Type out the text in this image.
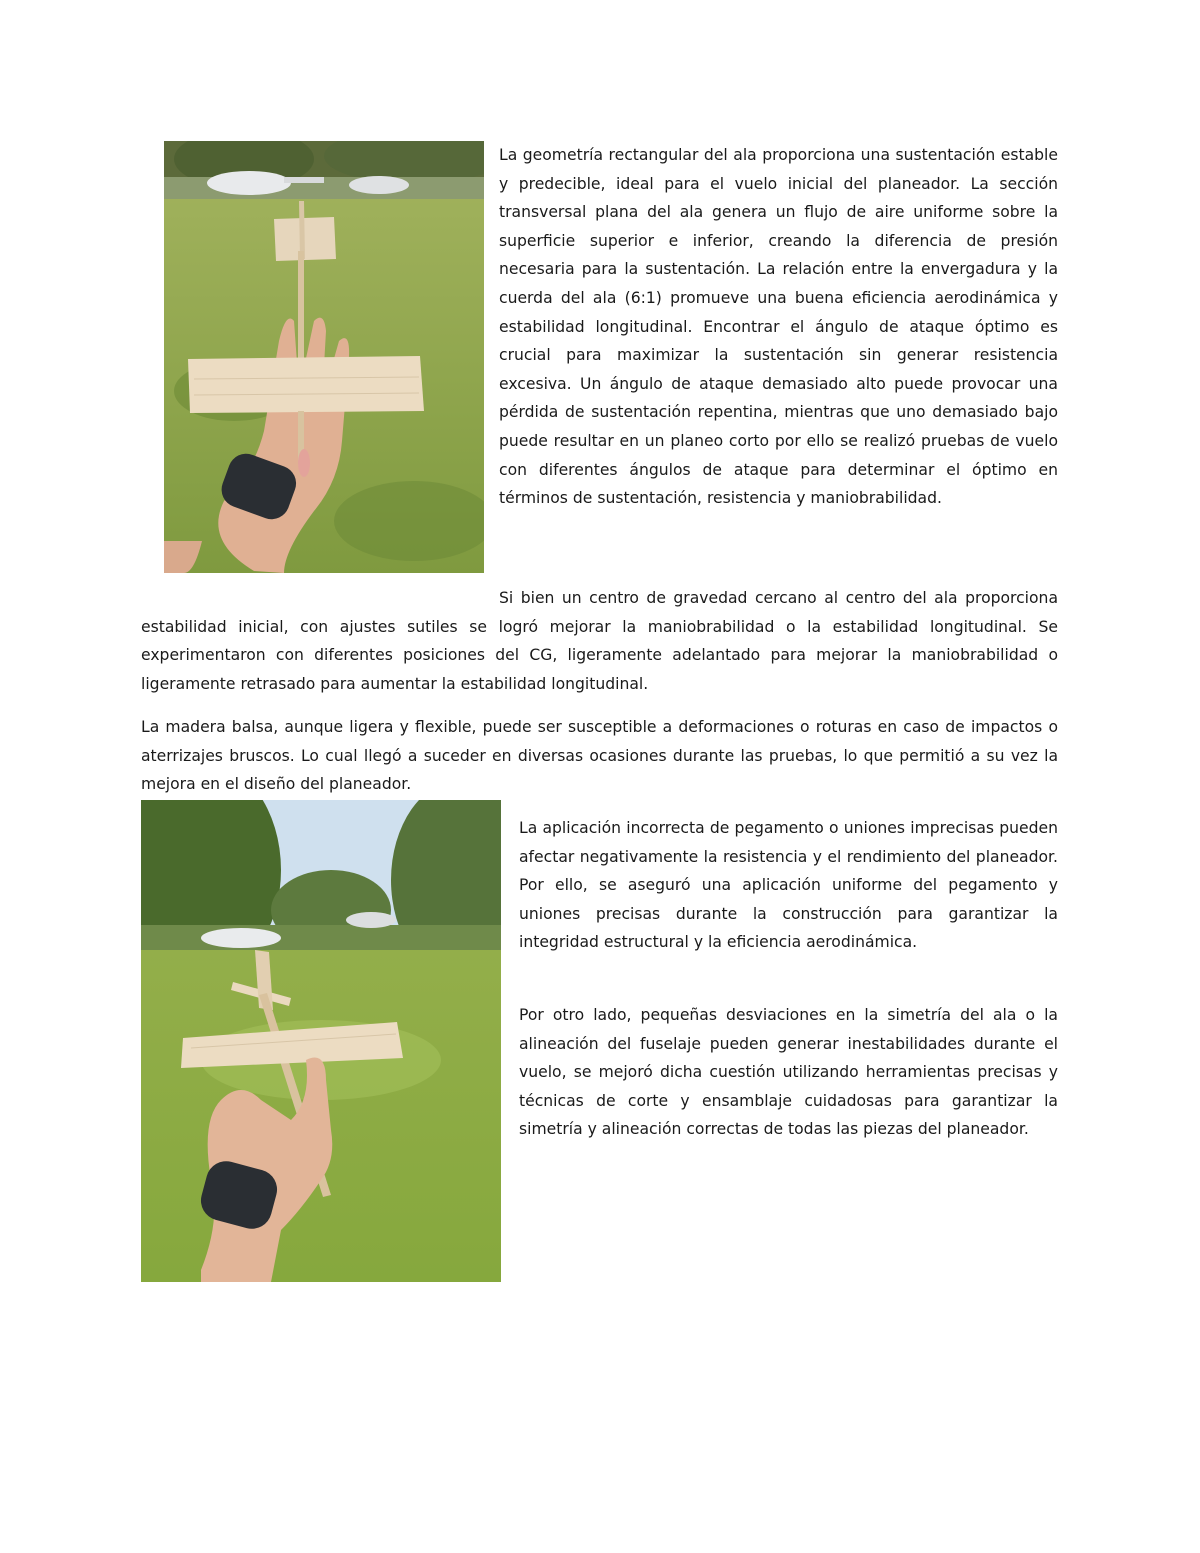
La geometría rectangular del ala proporciona una sustentación estable y predecible, ideal para el vuelo inicial del planeador. La sección transversal plana del ala genera un flujo de aire uniforme sobre la superficie superior e inferior, creando la diferencia de presión necesaria para la sustentación. La relación entre la envergadura y la cuerda del ala (6:1) promueve una buena eficiencia aerodinámica y estabilidad longitudinal. Encontrar el ángulo de ataque óptimo es crucial para maximizar la sustentación sin generar resistencia excesiva. Un ángulo de ataque demasiado alto puede provocar una pérdida de sustentación repentina, mientras que uno demasiado bajo puede resultar en un planeo corto por ello se realizó pruebas de vuelo con diferentes ángulos de ataque para determinar el óptimo en términos de sustentación, resistencia y maniobrabilidad.

Si bien un centro de gravedad cercano al centro del ala proporciona estabilidad inicial, con ajustes sutiles se logró mejorar la maniobrabilidad o la estabilidad longitudinal. Se experimentaron con diferentes posiciones del CG, ligeramente adelantado para mejorar la maniobrabilidad o ligeramente retrasado para aumentar la estabilidad longitudinal.

La madera balsa, aunque ligera y flexible, puede ser susceptible a deformaciones o roturas en caso de impactos o aterrizajes bruscos. Lo cual llegó a suceder en diversas ocasiones durante las pruebas, lo que permitió a su vez la mejora en el diseño del planeador.

La aplicación incorrecta de pegamento o uniones imprecisas pueden afectar negativamente la resistencia y el rendimiento del planeador. Por ello, se aseguró una aplicación uniforme del pegamento y uniones precisas durante la construcción para garantizar la integridad estructural y la eficiencia aerodinámica.

Por otro lado, pequeñas desviaciones en la simetría del ala o la alineación del fuselaje pueden generar inestabilidades durante el vuelo, se mejoró dicha cuestión utilizando herramientas precisas y técnicas de corte y ensamblaje cuidadosas para garantizar la simetría y alineación correctas de todas las piezas del planeador.
